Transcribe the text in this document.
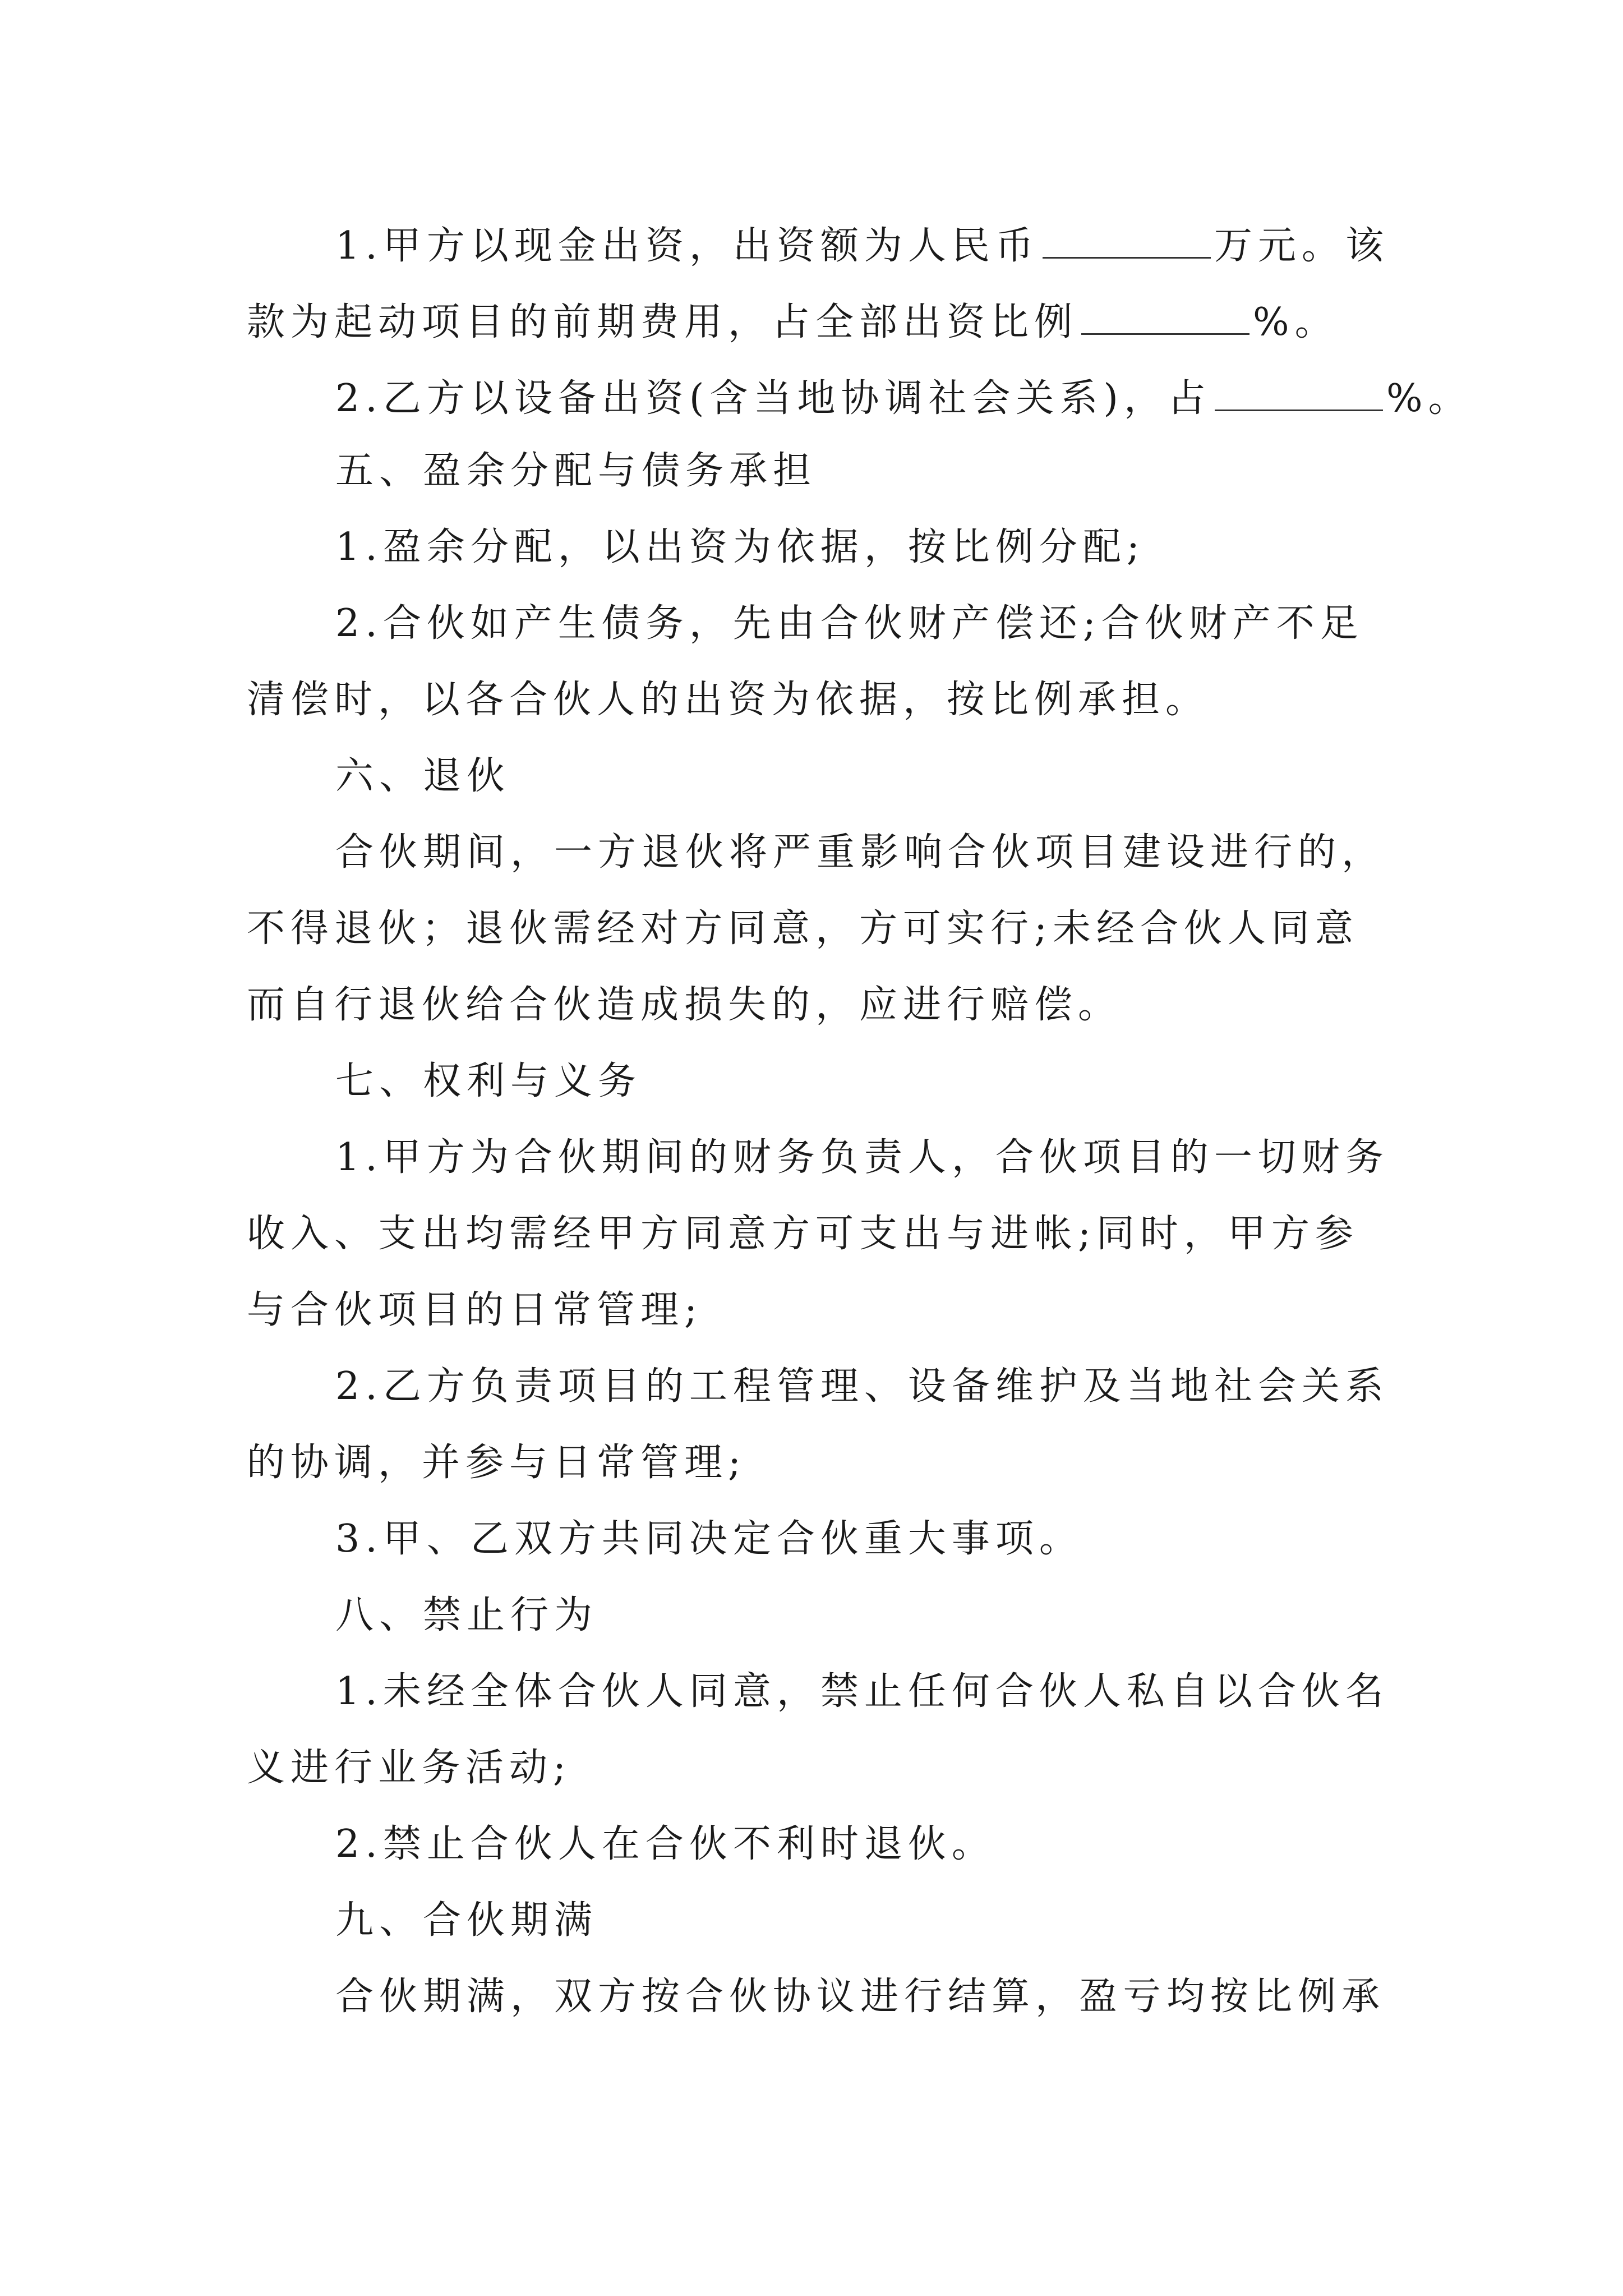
1.甲方以现金出资，出资额为人民币	万元。该
款为起动项目的前期费用，占全部出资比例	%。
2.乙方以设备出资(含当地协调社会关系)，占	%。
五、盈余分配与债务承担
1.盈余分配，以出资为依据，按比例分配;
2.合伙如产生债务，先由合伙财产偿还;合伙财产不足
清偿时，以各合伙人的出资为依据，按比例承担。
六、退伙
合伙期间，一方退伙将严重影响合伙项目建设进行的，
不得退伙；退伙需经对方同意，方可实行;未经合伙人同意
而自行退伙给合伙造成损失的，应进行赔偿。
七、权利与义务
1.甲方为合伙期间的财务负责人，合伙项目的一切财务
收入、支出均需经甲方同意方可支出与进帐;同时，甲方参
与合伙项目的日常管理;
2.乙方负责项目的工程管理、设备维护及当地社会关系
的协调，并参与日常管理;
3.甲、乙双方共同决定合伙重大事项。
八、禁止行为
1.未经全体合伙人同意，禁止任何合伙人私自以合伙名
义进行业务活动;
2.禁止合伙人在合伙不利时退伙。
九、合伙期满
合伙期满，双方按合伙协议进行结算，盈亏均按比例承
